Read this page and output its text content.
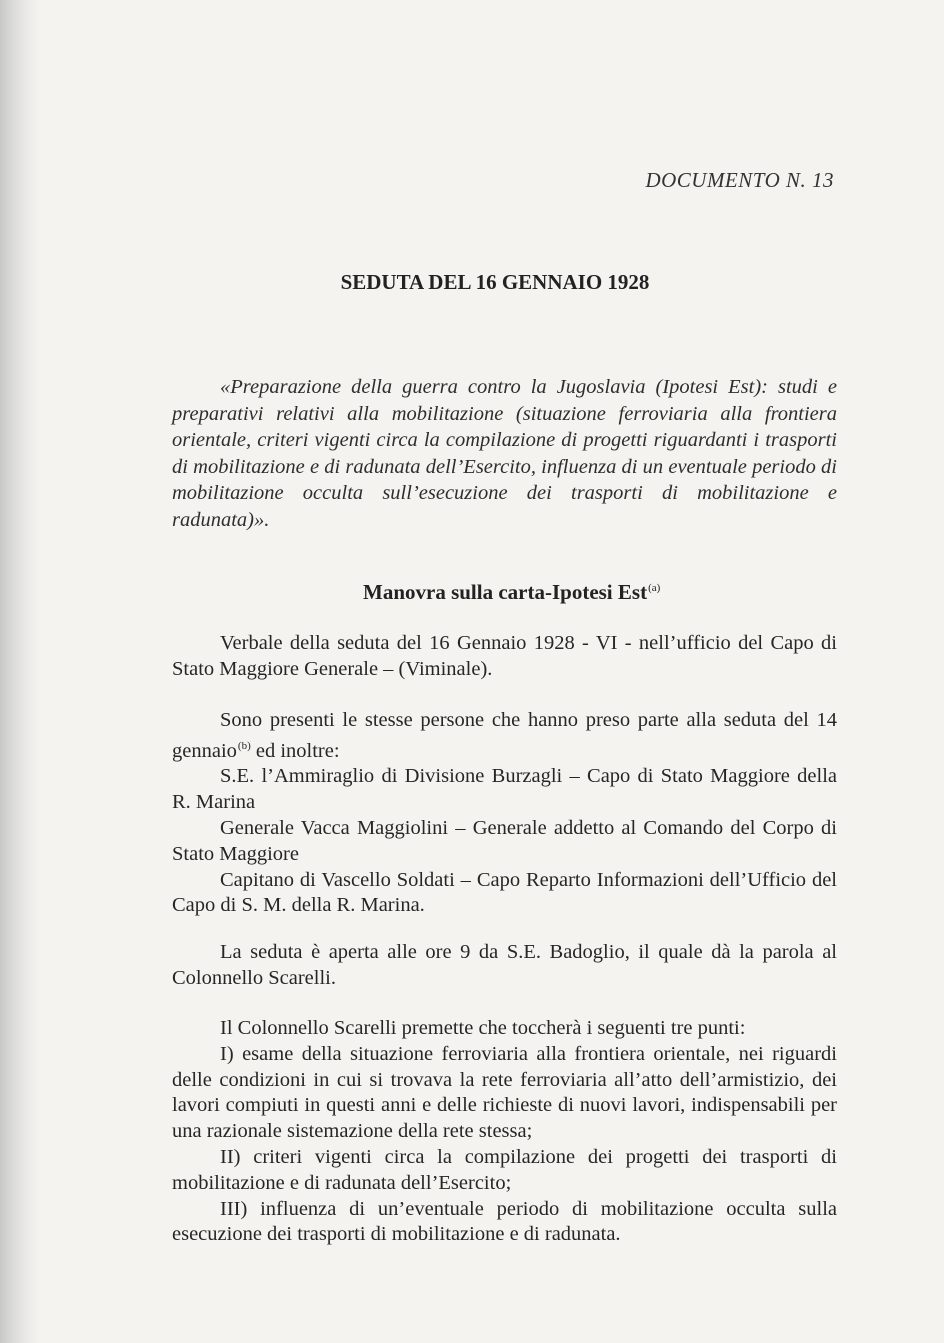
DOCUMENTO N. 13
SEDUTA DEL 16 GENNAIO 1928

«Preparazione della guerra contro la Jugoslavia (Ipotesi Est): studi e preparativi relativi alla mobilitazione (situazione ferroviaria alla frontiera orientale, criteri vigenti circa la compilazione di progetti riguardanti i trasporti di mobilitazione e di radunata dell’Esercito, influenza di un eventuale periodo di mobilitazione occulta sull’esecuzione dei trasporti di mobilitazione e radunata)».

Manovra sulla carta-Ipotesi Est$^{(a)}$

Verbale della seduta del 16 Gennaio 1928 - VI - nell’ufficio del Capo di Stato Maggiore Generale – (Viminale).

Sono presenti le stesse persone che hanno preso parte alla seduta del 14 gennaio$^{(b)}$ ed inoltre:

S.E. l’Ammiraglio di Divisione Burzagli – Capo di Stato Maggiore della R. Marina

Generale Vacca Maggiolini – Generale addetto al Comando del Corpo di Stato Maggiore

Capitano di Vascello Soldati – Capo Reparto Informazioni dell’Ufficio del Capo di S. M. della R. Marina.

La seduta è aperta alle ore 9 da S.E. Badoglio, il quale dà la parola al Colonnello Scarelli.

Il Colonnello Scarelli premette che toccherà i seguenti tre punti:

I) esame della situazione ferroviaria alla frontiera orientale, nei riguardi delle condizioni in cui si trovava la rete ferroviaria all’atto dell’armistizio, dei lavori compiuti in questi anni e delle richieste di nuovi lavori, indispensabili per una razionale sistemazione della rete stessa;

II) criteri vigenti circa la compilazione dei progetti dei trasporti di mobilitazione e di radunata dell’Esercito;

III) influenza di un’eventuale periodo di mobilitazione occulta sulla esecuzione dei trasporti di mobilitazione e di radunata.
